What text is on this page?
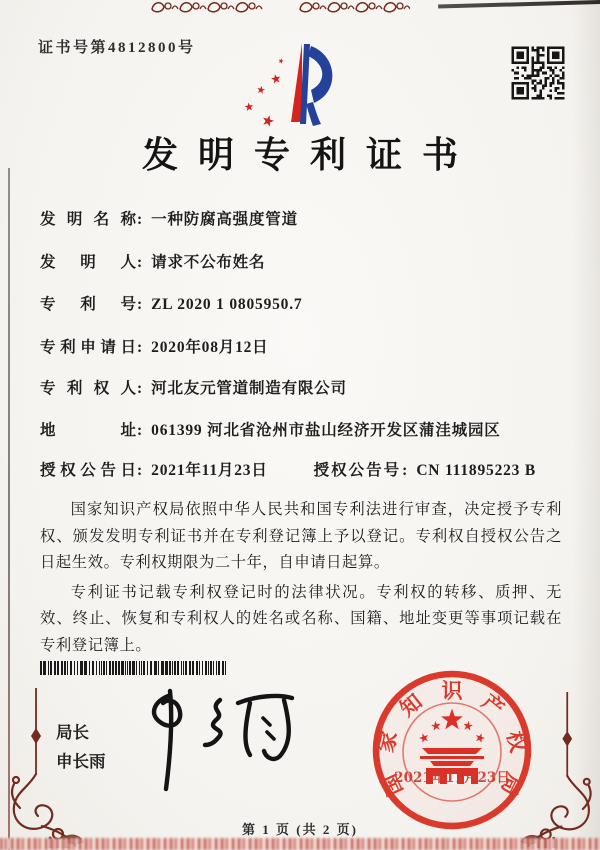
证书号第4812800号
发明专利证书
发明名称 : 一种防腐高强度管道
发明人 : 请求不公布姓名
专利号 : ZL 2020 1 0805950.7
专利申请日 : 2020年08月12日
专利权人 : 河北友元管道制造有限公司
地址 : 061399 河北省沧州市盐山经济开发区蒲洼城园区
授权公告日 : 2021年11月23日	授权公告号 : CN 111895223 B

国家知识产权局依照中华人民共和国专利法进行审查，决定授予专利权、颁发发明专利证书并在专利登记簿上予以登记。专利权自授权公告之日起生效。专利权期限为二十年，自申请日起算。

专利证书记载专利权登记时的法律状况。专利权的转移、质押、无效、终止、恢复和专利权人的姓名或名称、国籍、地址变更等事项记载在专利登记簿上。

局长
申长雨
国
家
知 识 产
权
局
2021年11月23日
第 1 页 (共 2 页)
